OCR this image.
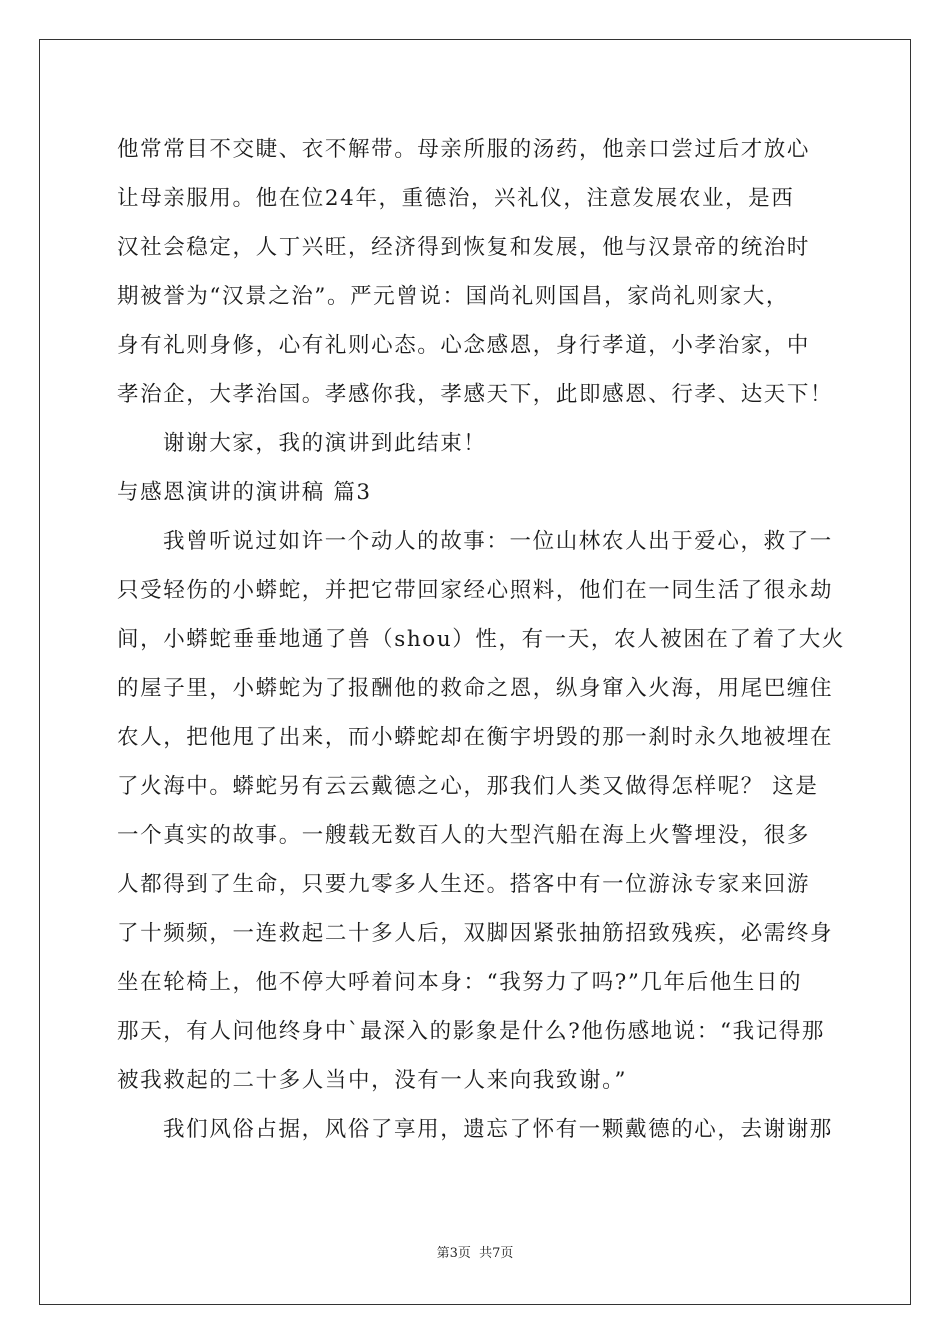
他常常目不交睫、衣不解带。母亲所服的汤药，他亲口尝过后才放心
让母亲服用。他在位24年，重德治，兴礼仪，注意发展农业，是西
汉社会稳定，人丁兴旺，经济得到恢复和发展，他与汉景帝的统治时
期被誉为“汉景之治”。严元曾说：国尚礼则国昌，家尚礼则家大，
身有礼则身修，心有礼则心态。心念感恩，身行孝道，小孝治家，中
孝治企，大孝治国。孝感你我，孝感天下，此即感恩、行孝、达天下！
谢谢大家，我的演讲到此结束！
与感恩演讲的演讲稿 篇3
我曾听说过如许一个动人的故事：一位山林农人出于爱心，救了一
只受轻伤的小蟒蛇，并把它带回家经心照料，他们在一同生活了很永劫
间，小蟒蛇垂垂地通了兽（shou）性，有一天，农人被困在了着了大火
的屋子里，小蟒蛇为了报酬他的救命之恩，纵身窜入火海，用尾巴缠住
农人，把他甩了出来，而小蟒蛇却在衡宇坍毁的那一刹时永久地被埋在
了火海中。蟒蛇另有云云戴德之心，那我们人类又做得怎样呢？ 这是
一个真实的故事。一艘载无数百人的大型汽船在海上火警埋没，很多
人都得到了生命，只要九零多人生还。搭客中有一位游泳专家来回游
了十频频，一连救起二十多人后，双脚因紧张抽筋招致残疾，必需终身
坐在轮椅上，他不停大呼着问本身：“我努力了吗?”几年后他生日的
那天，有人问他终身中`最深入的影象是什么?他伤感地说：“我记得那
被我救起的二十多人当中，没有一人来向我致谢。”
我们风俗占据，风俗了享用，遗忘了怀有一颗戴德的心，去谢谢那
第3页 共7页
